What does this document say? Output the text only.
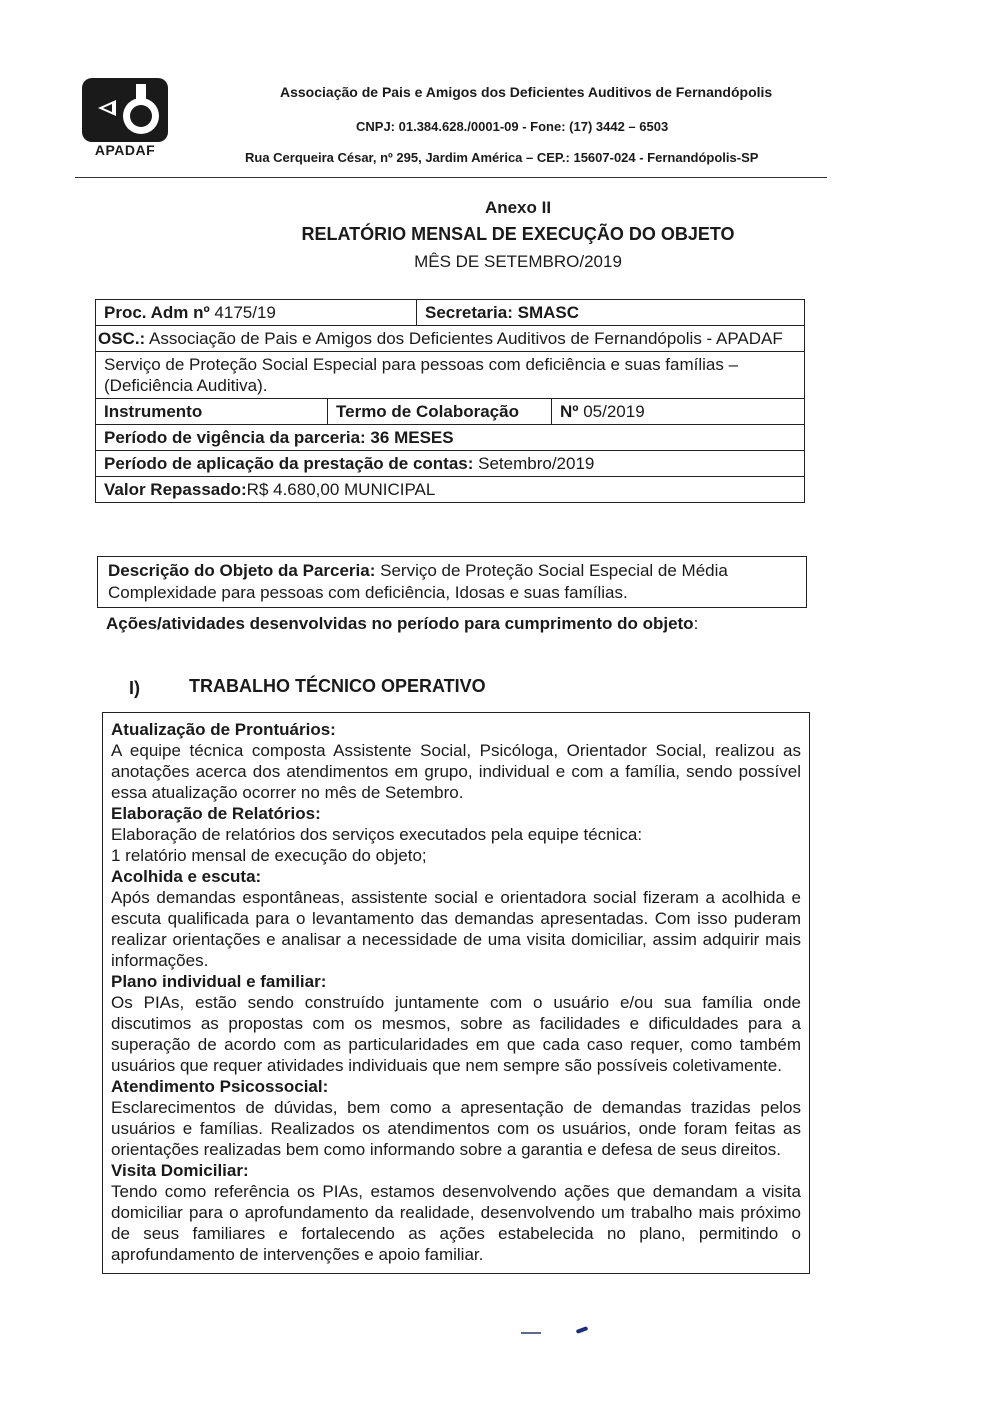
APADAF
Associação de Pais e Amigos dos Deficientes Auditivos de Fernandópolis
CNPJ: 01.384.628./0001-09 - Fone: (17) 3442 – 6503
Rua Cerqueira César, nº 295, Jardim América – CEP.: 15607-024 - Fernandópolis-SP
Anexo II
RELATÓRIO MENSAL DE EXECUÇÃO DO OBJETO
MÊS DE SETEMBRO/2019
Proc. Adm nº 4175/19	Secretaria: SMASC
OSC.: Associação de Pais e Amigos dos Deficientes Auditivos de Fernandópolis - APADAF
Serviço de Proteção Social Especial para pessoas com deficiência e suas famílias – (Deficiência Auditiva).
Instrumento	Termo de Colaboração	Nº 05/2019
Período de vigência da parceria: 36 MESES
Período de aplicação da prestação de contas: Setembro/2019
Valor Repassado:R$ 4.680,00 MUNICIPAL
Descrição do Objeto da Parceria: Serviço de Proteção Social Especial de Média Complexidade para pessoas com deficiência, Idosas e suas famílias.
Ações/atividades desenvolvidas no período para cumprimento do objeto:
I)	TRABALHO TÉCNICO OPERATIVO

Atualização de Prontuários:

A equipe técnica composta Assistente Social, Psicóloga, Orientador Social, realizou as anotações acerca dos atendimentos em grupo, individual e com a família, sendo possível essa atualização ocorrer no mês de Setembro.

Elaboração de Relatórios:

Elaboração de relatórios dos serviços executados pela equipe técnica:

1 relatório mensal de execução do objeto;

Acolhida e escuta:

Após demandas espontâneas, assistente social e orientadora social fizeram a acolhida e escuta qualificada para o levantamento das demandas apresentadas. Com isso puderam realizar orientações e analisar a necessidade de uma visita domiciliar, assim adquirir mais informações.

Plano individual e familiar:

Os PIAs, estão sendo construído juntamente com o usuário e/ou sua família onde discutimos as propostas com os mesmos, sobre as facilidades e dificuldades para a superação de acordo com as particularidades em que cada caso requer, como também usuários que requer atividades individuais que nem sempre são possíveis coletivamente.

Atendimento Psicossocial:

Esclarecimentos de dúvidas, bem como a apresentação de demandas trazidas pelos usuários e famílias. Realizados os atendimentos com os usuários, onde foram feitas as orientações realizadas bem como informando sobre a garantia e defesa de seus direitos.

Visita Domiciliar:

Tendo como referência os PIAs, estamos desenvolvendo ações que demandam a visita domiciliar para o aprofundamento da realidade, desenvolvendo um trabalho mais próximo de seus familiares e fortalecendo as ações estabelecida no plano, permitindo o aprofundamento de intervenções e apoio familiar.
